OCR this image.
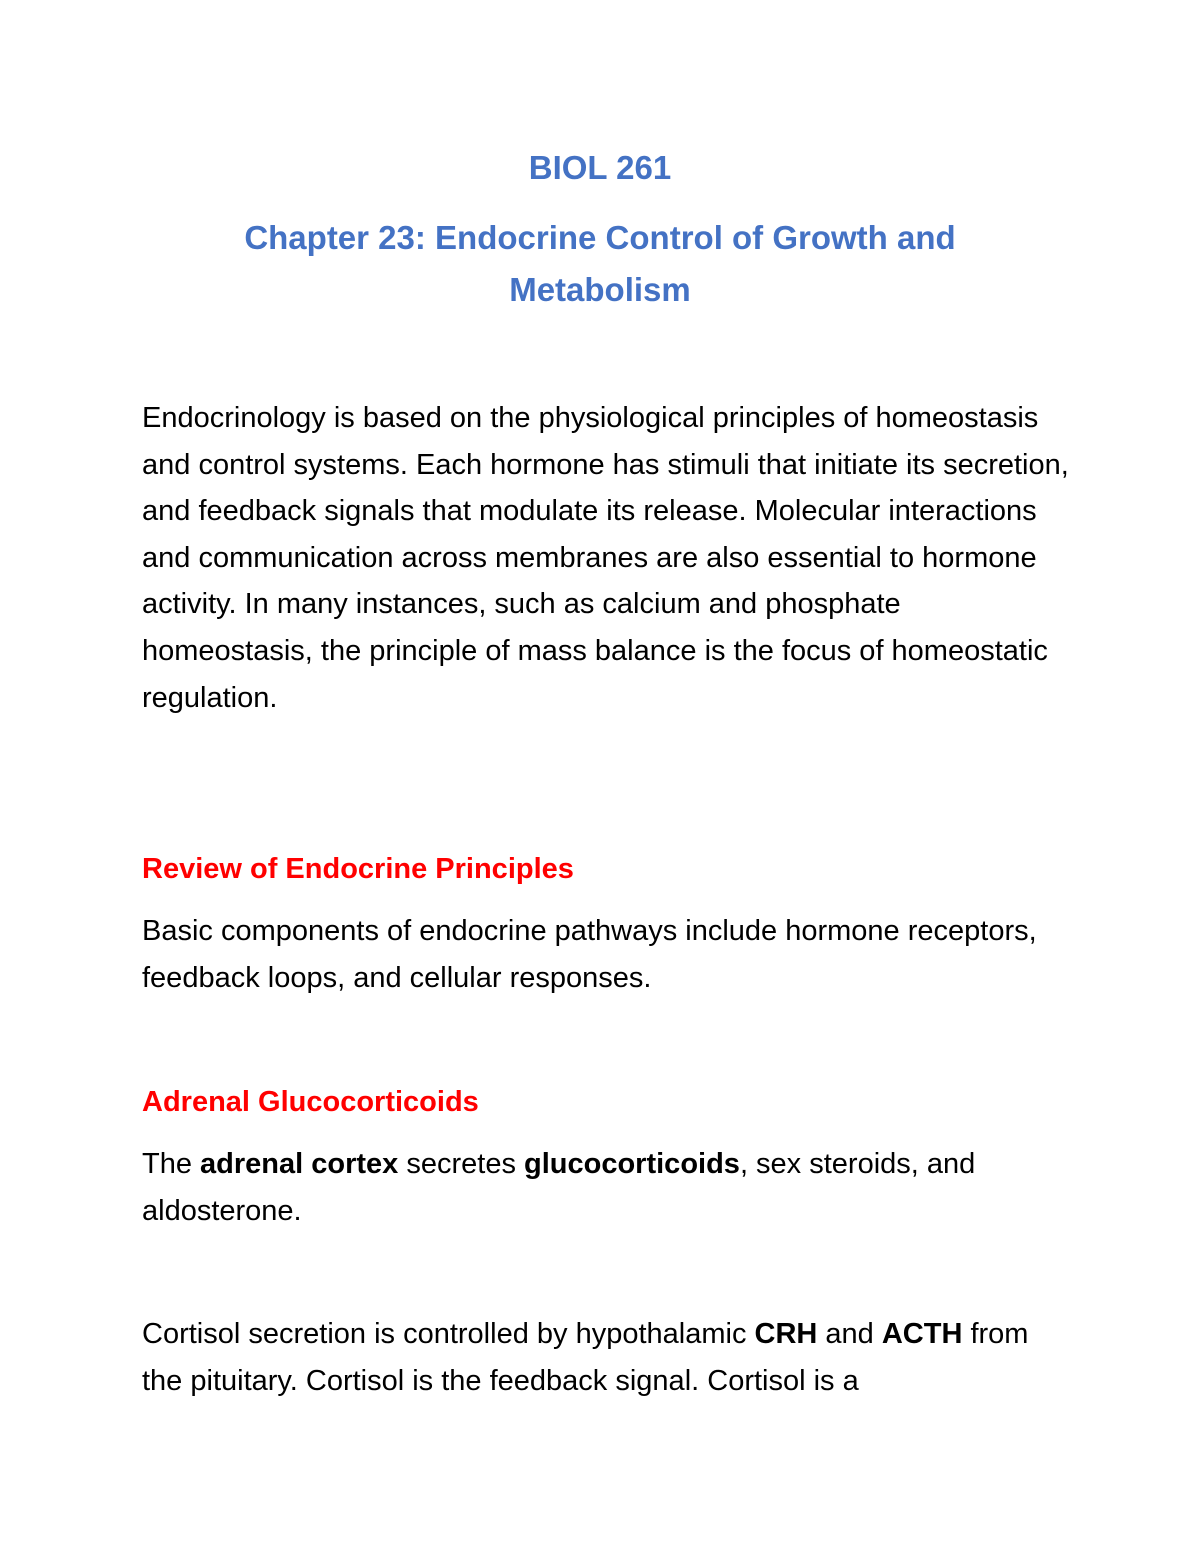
BIOL 261
Chapter 23: Endocrine Control of Growth and Metabolism
Endocrinology is based on the physiological principles of homeostasis and control systems. Each hormone has stimuli that initiate its secretion, and feedback signals that modulate its release. Molecular interactions and communication across membranes are also essential to hormone activity. In many instances, such as calcium and phosphate homeostasis, the principle of mass balance is the focus of homeostatic regulation.
Review of Endocrine Principles
Basic components of endocrine pathways include hormone receptors, feedback loops, and cellular responses.
Adrenal Glucocorticoids
The adrenal cortex secretes glucocorticoids, sex steroids, and aldosterone.
Cortisol secretion is controlled by hypothalamic CRH and ACTH from the pituitary. Cortisol is the feedback signal. Cortisol is a
